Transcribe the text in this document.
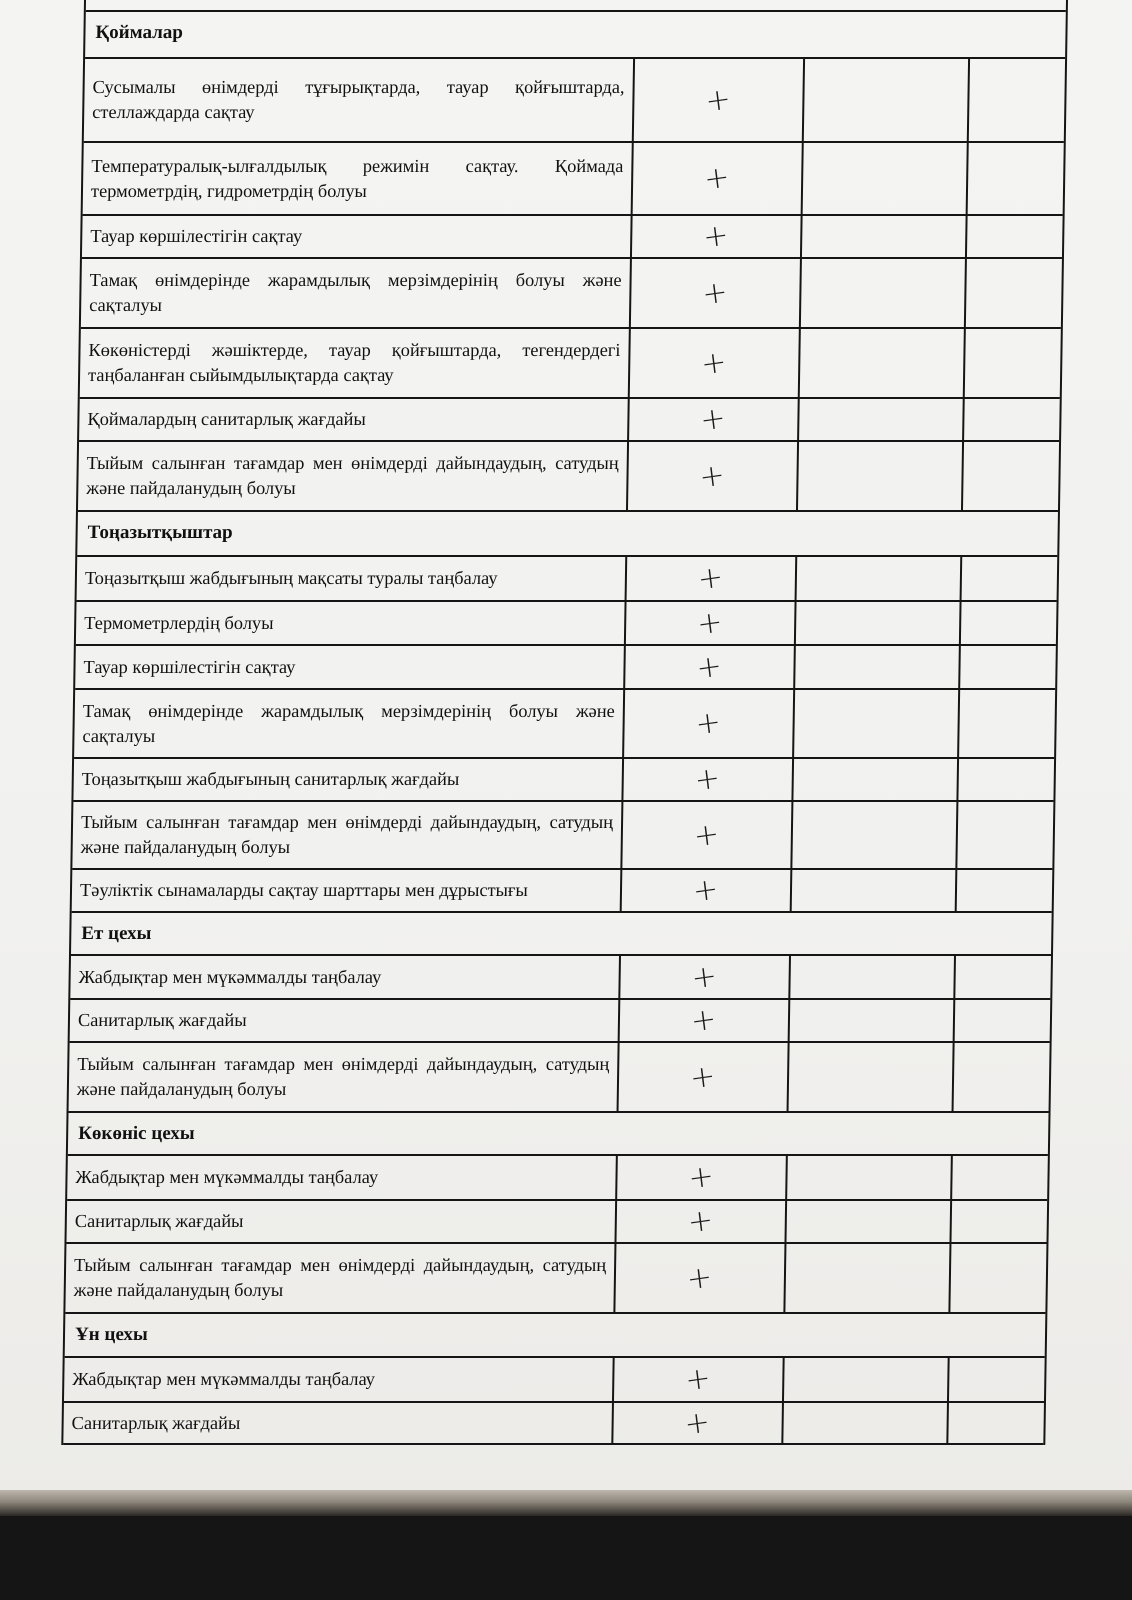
Қоймалар
Сусымалы өнімдерді тұғырықтарда, тауар қойғыштарда, стеллаждарда сақтау	+
Температуралық-ылғалдылық режимін сақтау. Қоймада термометрдің, гидрометрдің болуы	+
Тауар көршілестігін сақтау	+
Тамақ өнімдерінде жарамдылық мерзімдерінің болуы және сақталуы	+
Көкөністерді жәшіктерде, тауар қойғыштарда, тегендердегі таңбаланған сыйымдылықтарда сақтау	+
Қоймалардың санитарлық жағдайы	+
Тыйым салынған тағамдар мен өнімдерді дайындаудың, сатудың және пайдаланудың болуы	+
Тоңазытқыштар
Тоңазытқыш жабдығының мақсаты туралы таңбалау	+
Термометрлердің болуы	+
Тауар көршілестігін сақтау	+
Тамақ өнімдерінде жарамдылық мерзімдерінің болуы және сақталуы	+
Тоңазытқыш жабдығының санитарлық жағдайы	+
Тыйым салынған тағамдар мен өнімдерді дайындаудың, сатудың және пайдаланудың болуы	+
Тәуліктік сынамаларды сақтау шарттары мен дұрыстығы	+
Ет цехы
Жабдықтар мен мүкәммалды таңбалау	+
Санитарлық жағдайы	+
Тыйым салынған тағамдар мен өнімдерді дайындаудың, сатудың және пайдаланудың болуы	+
Көкөніс цехы
Жабдықтар мен мүкәммалды таңбалау	+
Санитарлық жағдайы	+
Тыйым салынған тағамдар мен өнімдерді дайындаудың, сатудың және пайдаланудың болуы	+
Ұн цехы
Жабдықтар мен мүкәммалды таңбалау	+
Санитарлық жағдайы	+
